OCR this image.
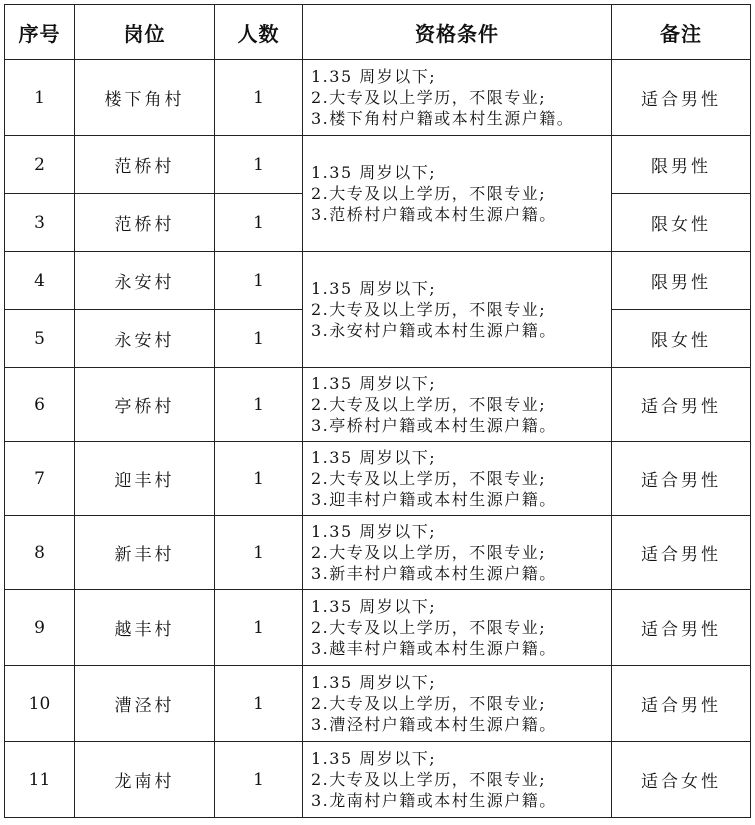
序号	岗位	人数	资格条件	备注
1	楼下角村	1	1.35 周岁以下;
2.大专及以上学历，不限专业;
3.楼下角村户籍或本村生源户籍。	适合男性
2	范桥村	1	1.35 周岁以下;
2.大专及以上学历，不限专业;
3.范桥村户籍或本村生源户籍。	限男性
3	范桥村	1		限女性
4	永安村	1	1.35 周岁以下;
2.大专及以上学历，不限专业;
3.永安村户籍或本村生源户籍。	限男性
5	永安村	1		限女性
6	亭桥村	1	1.35 周岁以下;
2.大专及以上学历，不限专业;
3.亭桥村户籍或本村生源户籍。	适合男性
7	迎丰村	1	1.35 周岁以下;
2.大专及以上学历，不限专业;
3.迎丰村户籍或本村生源户籍。	适合男性
8	新丰村	1	1.35 周岁以下;
2.大专及以上学历，不限专业;
3.新丰村户籍或本村生源户籍。	适合男性
9	越丰村	1	1.35 周岁以下;
2.大专及以上学历，不限专业;
3.越丰村户籍或本村生源户籍。	适合男性
10	漕泾村	1	1.35 周岁以下;
2.大专及以上学历，不限专业;
3.漕泾村户籍或本村生源户籍。	适合男性
11	龙南村	1	1.35 周岁以下;
2.大专及以上学历，不限专业;
3.龙南村户籍或本村生源户籍。	适合女性
